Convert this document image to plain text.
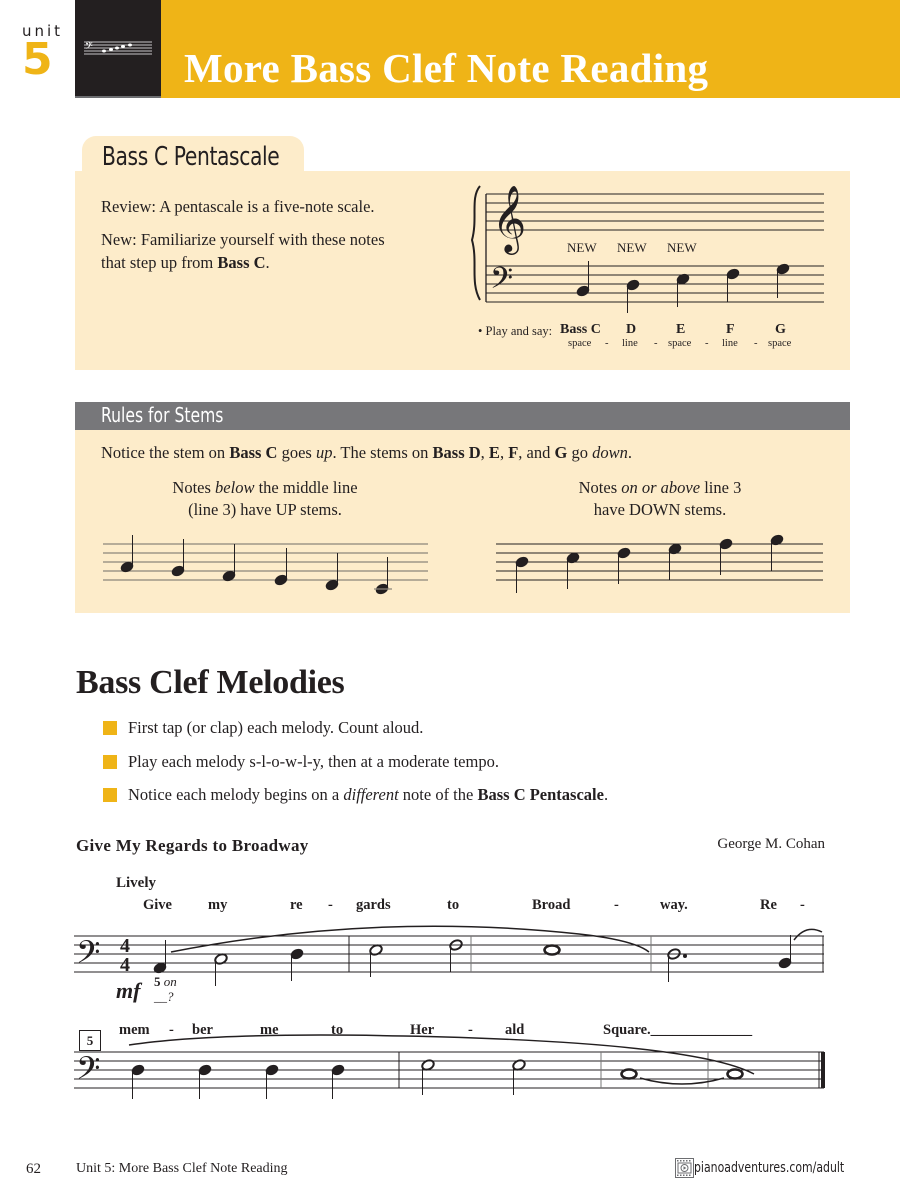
unit
5	𝄢 More Bass Clef Note Reading
Bass C Pentascale
Review: A pentascale is a five-note scale.
New: Familiarize yourself with these notes
that step up from Bass C.
𝄞
𝄢
NEW NEW NEW
• Play and say: Bass C D	E	F	G
space - line - space - line - space
Rules for Stems
Notice the stem on Bass C goes up. The stems on Bass D, E, F, and G go down.
Notes below the middle line
(line 3) have UP stems.
Notes on or above line 3
have DOWN stems.
Bass Clef Melodies
First tap (or clap) each melody. Count aloud.
Play each melody s-l-o-w-l-y, then at a moderate tempo.
Notice each melody begins on a different note of the Bass C Pentascale.
Give My Regards to Broadway	George M. Cohan
Lively
Give my	re - gards	to	Broad	-	way.	Re -
𝄢 4
4
mf 5 on
__?
5
mem - ber	me	to	Her - ald	Square.______________
𝄢
62	Unit 5: More Bass Clef Note Reading	pianoadventures.com/adult
